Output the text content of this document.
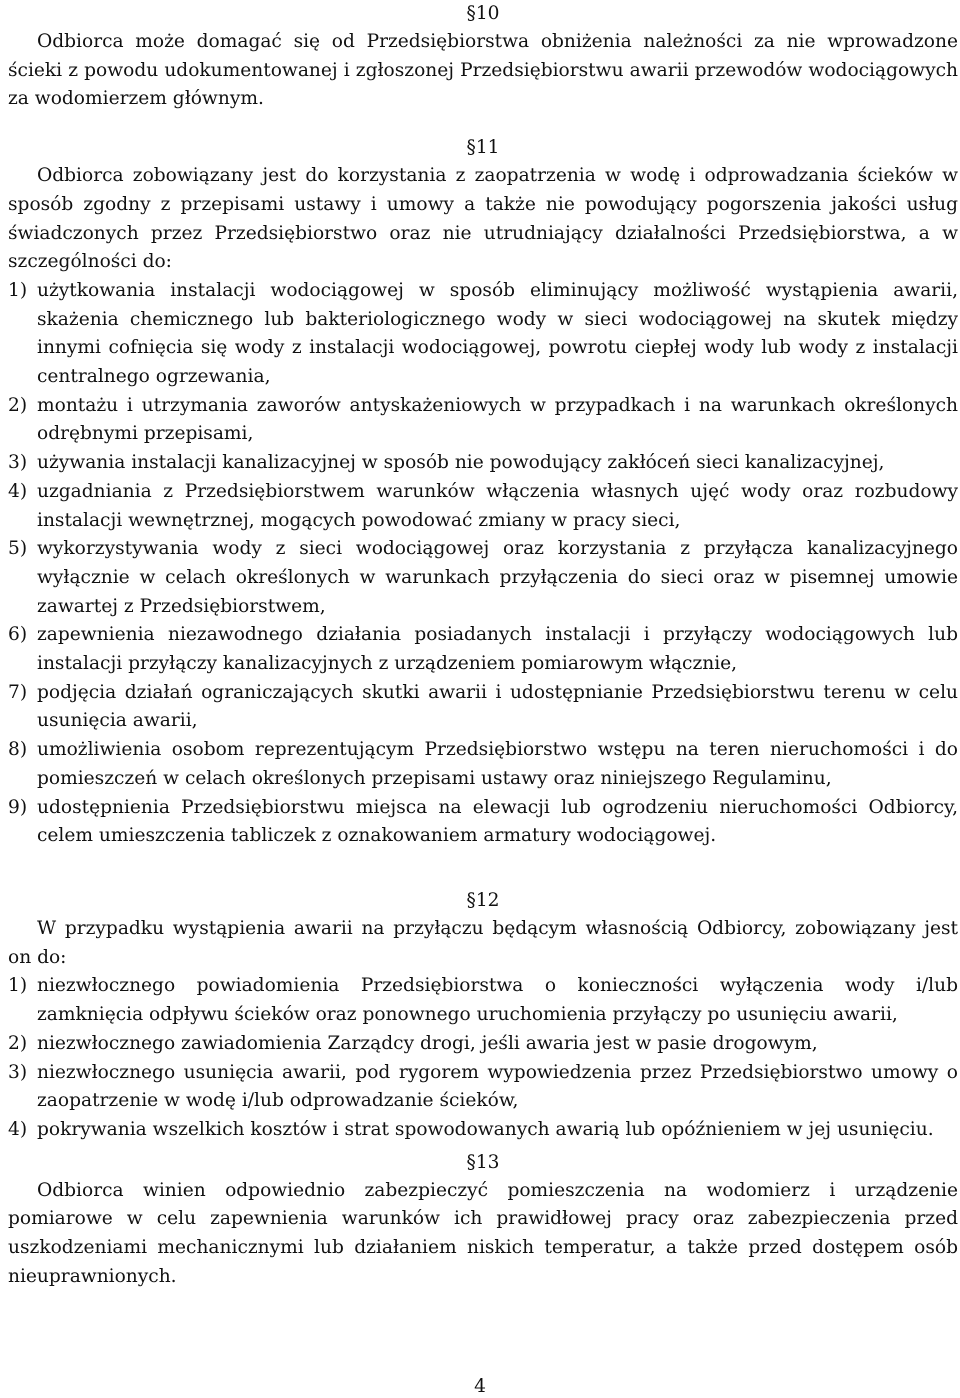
§10

Odbiorca może domagać się od Przedsiębiorstwa obniżenia należności za nie wprowadzone ścieki z powodu udokumentowanej i zgłoszonej Przedsiębiorstwu awarii przewodów wodociągowych za wodomierzem głównym.

§11

Odbiorca zobowiązany jest do korzystania z zaopatrzenia w wodę i odprowadzania ścieków w sposób zgodny z przepisami ustawy i umowy a także nie powodujący pogorszenia jakości usług świadczonych przez Przedsiębiorstwo oraz nie utrudniający działalności Przedsiębiorstwa, a w szczególności do:

1) użytkowania instalacji wodociągowej w sposób eliminujący możliwość wystąpienia awarii, skażenia chemicznego lub bakteriologicznego wody w sieci wodociągowej na skutek między innymi cofnięcia się wody z instalacji wodociągowej, powrotu ciepłej wody lub wody z instalacji centralnego ogrzewania,
2) montażu i utrzymania zaworów antyskażeniowych w przypadkach i na warunkach określonych odrębnymi przepisami,
3) używania instalacji kanalizacyjnej w sposób nie powodujący zakłóceń sieci kanalizacyjnej,
4) uzgadniania z Przedsiębiorstwem warunków włączenia własnych ujęć wody oraz rozbudowy instalacji wewnętrznej, mogących powodować zmiany w pracy sieci,
5) wykorzystywania wody z sieci wodociągowej oraz korzystania z przyłącza kanalizacyjnego wyłącznie w celach określonych w warunkach przyłączenia do sieci oraz w pisemnej umowie zawartej z Przedsiębiorstwem,
6) zapewnienia niezawodnego działania posiadanych instalacji i przyłączy wodociągowych lub instalacji przyłączy kanalizacyjnych z urządzeniem pomiarowym włącznie,
7) podjęcia działań ograniczających skutki awarii i udostępnianie Przedsiębiorstwu terenu w celu usunięcia awarii,
8) umożliwienia osobom reprezentującym Przedsiębiorstwo wstępu na teren nieruchomości i do pomieszczeń w celach określonych przepisami ustawy oraz niniejszego Regulaminu,
9) udostępnienia Przedsiębiorstwu miejsca na elewacji lub ogrodzeniu nieruchomości Odbiorcy, celem umieszczenia tabliczek z oznakowaniem armatury wodociągowej.
§12

W przypadku wystąpienia awarii na przyłączu będącym własnością Odbiorcy, zobowiązany jest on do:

1) niezwłocznego powiadomienia Przedsiębiorstwa o konieczności wyłączenia wody i/lub zamknięcia odpływu ścieków oraz ponownego uruchomienia przyłączy po usunięciu awarii,
2) niezwłocznego zawiadomienia Zarządcy drogi, jeśli awaria jest w pasie drogowym,
3) niezwłocznego usunięcia awarii, pod rygorem wypowiedzenia przez Przedsiębiorstwo umowy o zaopatrzenie w wodę i/lub odprowadzanie ścieków,
4) pokrywania wszelkich kosztów i strat spowodowanych awarią lub opóźnieniem w jej usunięciu.
§13

Odbiorca winien odpowiednio zabezpieczyć pomieszczenia na wodomierz i urządzenie pomiarowe w celu zapewnienia warunków ich prawidłowej pracy oraz zabezpieczenia przed uszkodzeniami mechanicznymi lub działaniem niskich temperatur, a także przed dostępem osób nieuprawnionych.

4
